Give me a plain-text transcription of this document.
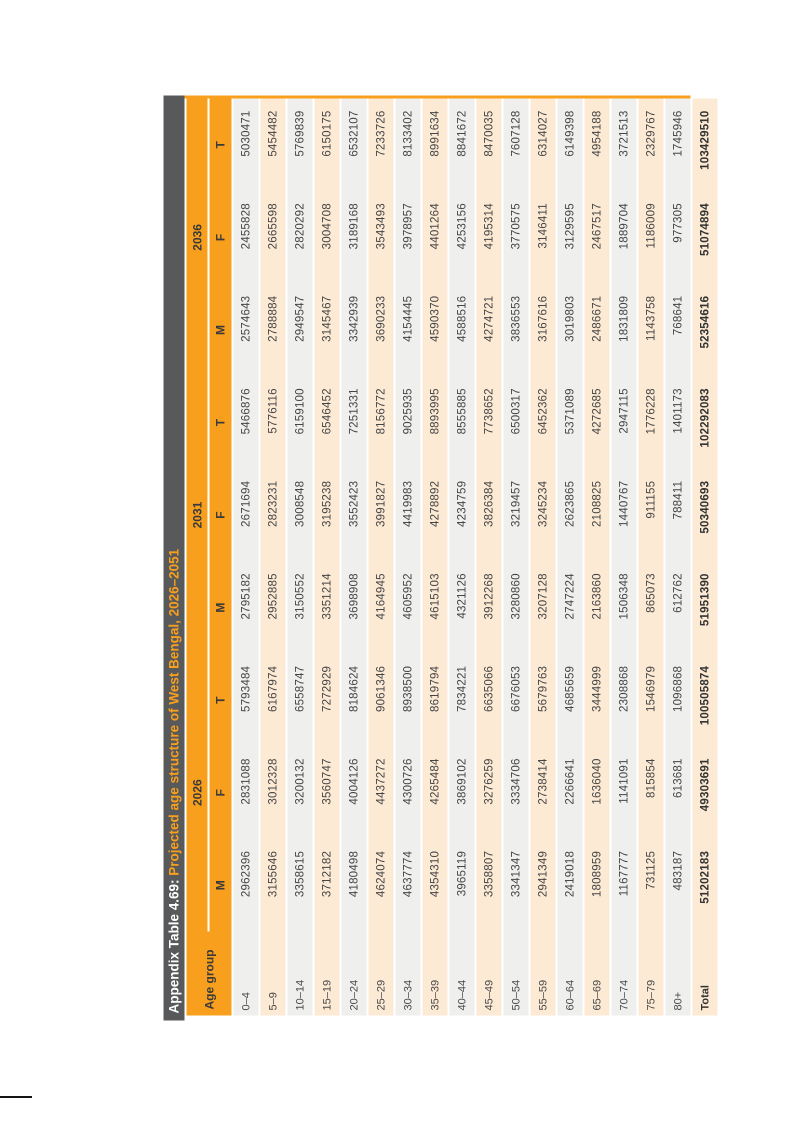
Appendix Table 4.69: Projected age structure of West Bengal, 2026–2051
Age group	2026			2031			2036		
	M	F	T	M	F	T	M	F	T
0–4	2962396	2831088	5793484	2795182	2671694	5466876	2574643	2455828	5030471
5–9	3155646	3012328	6167974	2952885	2823231	5776116	2788884	2665598	5454482
10–14	3358615	3200132	6558747	3150552	3008548	6159100	2949547	2820292	5769839
15–19	3712182	3560747	7272929	3351214	3195238	6546452	3145467	3004708	6150175
20–24	4180498	4004126	8184624	3698908	3552423	7251331	3342939	3189168	6532107
25–29	4624074	4437272	9061346	4164945	3991827	8156772	3690233	3543493	7233726
30–34	4637774	4300726	8938500	4605952	4419983	9025935	4154445	3978957	8133402
35–39	4354310	4265484	8619794	4615103	4278892	8893995	4590370	4401264	8991634
40–44	3965119	3869102	7834221	4321126	4234759	8555885	4588516	4253156	8841672
45–49	3358807	3276259	6635066	3912268	3826384	7738652	4274721	4195314	8470035
50–54	3341347	3334706	6676053	3280860	3219457	6500317	3836553	3770575	7607128
55–59	2941349	2738414	5679763	3207128	3245234	6452362	3167616	3146411	6314027
60–64	2419018	2266641	4685659	2747224	2623865	5371089	3019803	3129595	6149398
65–69	1808959	1636040	3444999	2163860	2108825	4272685	2486671	2467517	4954188
70–74	1167777	1141091	2308868	1506348	1440767	2947115	1831809	1889704	3721513
75–79	731125	815854	1546979	865073	911155	1776228	1143758	1186009	2329767
80+	483187	613681	1096868	612762	788411	1401173	768641	977305	1745946
Total	51202183	49303691	100505874	51951390	50340693	102292083	52354616	51074894	103429510
